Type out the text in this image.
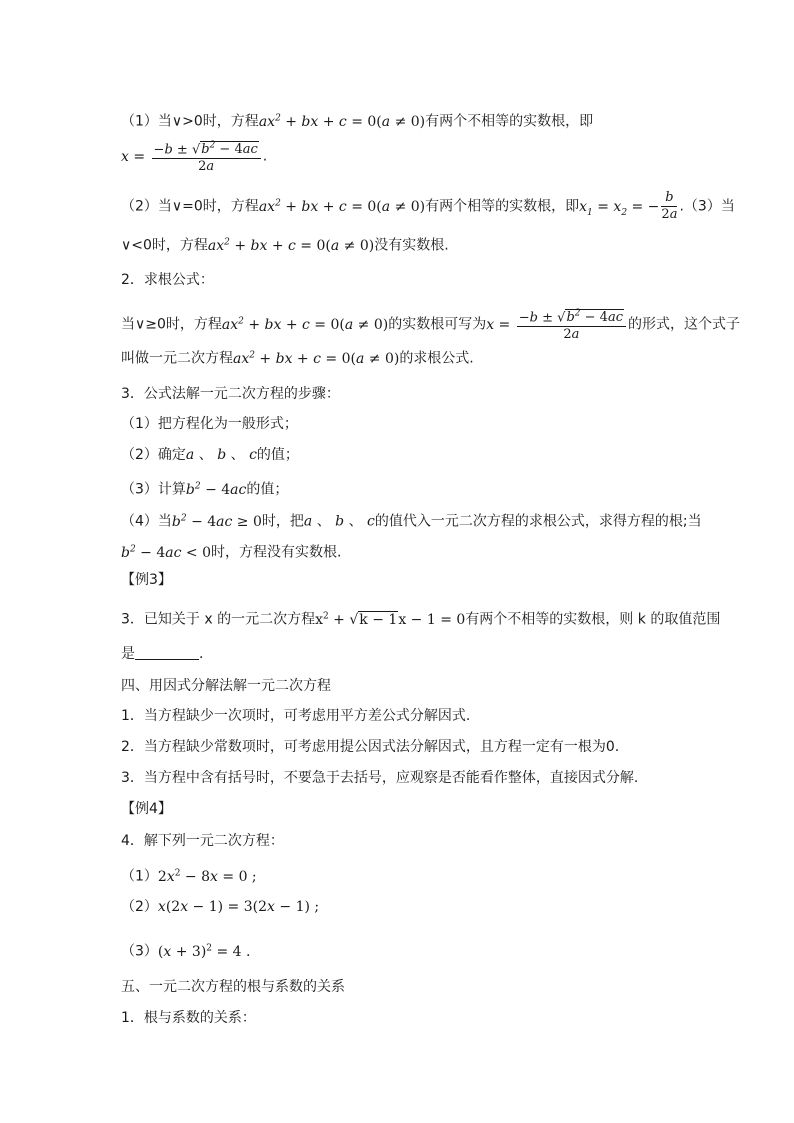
（1）当∨>0时，方程$ax^2$ + bx + c = 0(a ≠ 0)有两个不相等的实数根，即
$x = \frac{-b \pm √b^2 - 4ac}{2a}$ .
（2）当∨=0时，方程$ax^2$ + bx + c = 0(a ≠ 0)有两个相等的实数根，即$x_1 = x_2$ = − $\frac{b}{2a} .(3)$当
∨<0时，方程$ax^2$ + bx + c = 0(a ≠ 0)没有实数根.
2．求根公式：
当∨≥0时，方程$ax^2$ + bx + c = 0(a ≠ 0)的实数根可写为$x = \frac{-b \pm √b^2 - 4ac}{2a}$ 的形式，这个式子
叫做一元二次方程$ax^2$ + bx + c = 0(a ≠ 0)的求根公式.
3．公式法解一元二次方程的步骤：
（1）把方程化为一般形式；
（2）确定a 、 b 、 c的值；
（3）计算$b^2 - 4ac$的值；
（4）当$b^2 - 4ac \ge 0$时，把a 、 b 、 c的值代入一元二次方程的求根公式，求得方程的根;当
$b^2 - 4ac < 0$时，方程没有实数根.
【例3】
3．已知关于 x 的一元二次方程$x^2 + √k - 1x - 1 = 0$有两个不相等的实数根，则 k 的取值范围
是	.
四、用因式分解法解一元二次方程
1．当方程缺少一次项时，可考虑用平方差公式分解因式.
2．当方程缺少常数项时，可考虑用提公因式法分解因式，且方程一定有一根为0.
3．当方程中含有括号时，不要急于去括号，应观察是否能看作整体，直接因式分解.
【例4】
4．解下列一元二次方程：
$(1)2x^2 - 8x = 0$ ;
（2）x(2x − 1) = 3(2x − 1) ;
$(3)(x + 3)^2 = 4$ .
五、一元二次方程的根与系数的关系
1．根与系数的关系：
